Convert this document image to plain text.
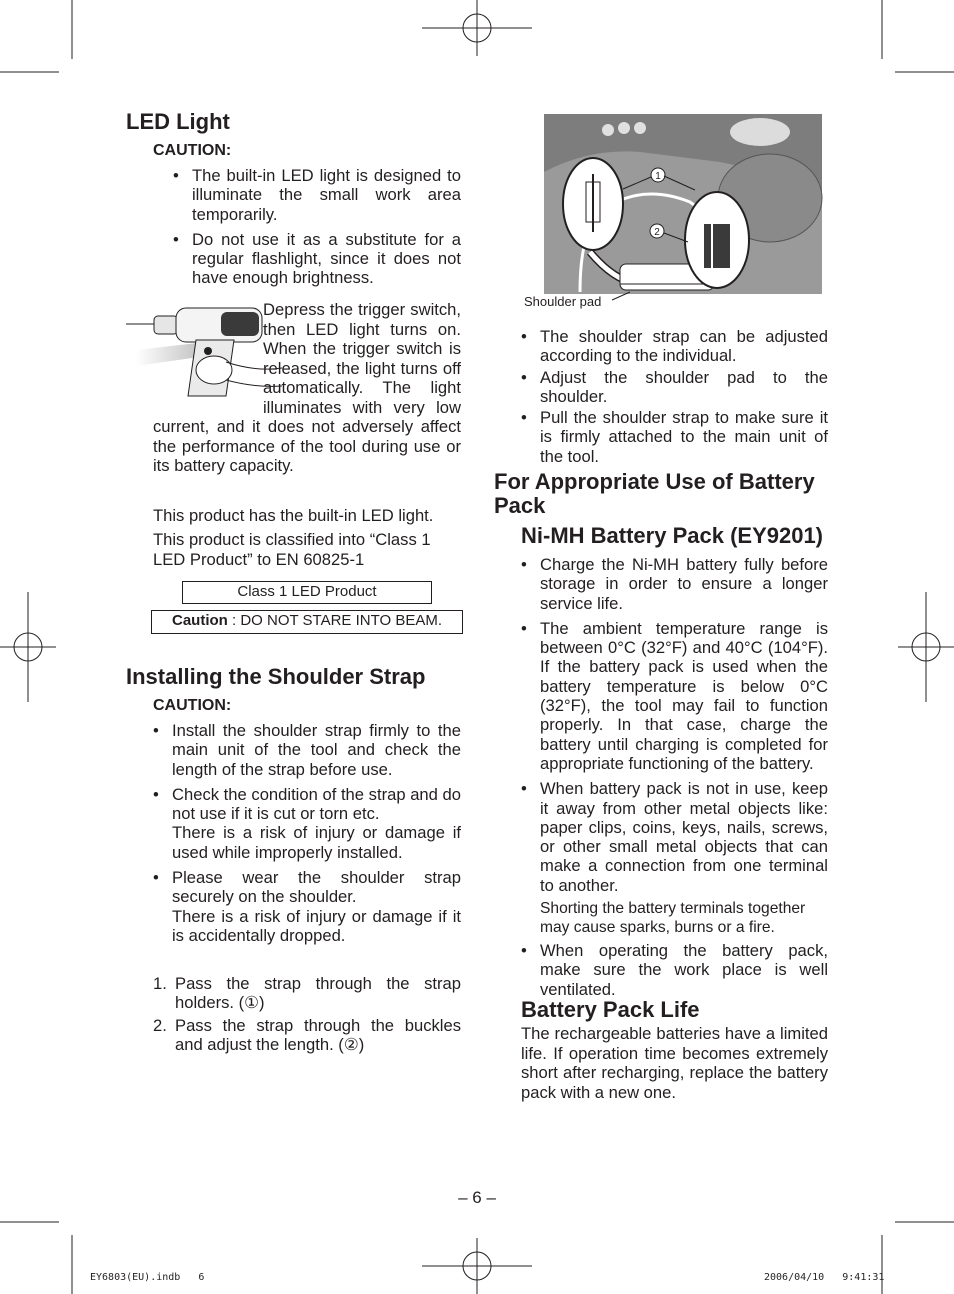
LED Light
CAUTION:
• The built-in LED light is designed to illuminate the small work area temporarily.
• Do not use it as a substitute for a regular flashlight, since it does not have enough brightness.
Depress the trigger switch, then LED light turns on. When the trigger switch is released, the light turns off automatically. The light illuminates with very low current, and it does not adversely affect the performance of the tool during use or its battery capacity.
This product has the built-in LED light.
This product is classified into “Class 1 LED Product” to EN 60825-1
Class 1 LED Product
Caution : DO NOT STARE INTO BEAM.
Installing the Shoulder Strap
CAUTION:
• Install the shoulder strap firmly to the main unit of the tool and check the length of the strap before use.
• Check the condition of the strap and do not use if it is cut or torn etc.
There is a risk of injury or damage if used while improperly installed.
• Please wear the shoulder strap securely on the shoulder.
There is a risk of injury or damage if it is accidentally dropped.
1. Pass the strap through the strap holders. (①)
2. Pass the strap through the buckles and adjust the length. (②)
1
2
Shoulder pad
• The shoulder strap can be adjusted according to the individual.
• Adjust the shoulder pad to the shoulder.
• Pull the shoulder strap to make sure it is firmly attached to the main unit of the tool.
For Appropriate Use of Battery Pack
Ni-MH Battery Pack (EY9201)
• Charge the Ni-MH battery fully before storage in order to ensure a longer service life.
• The ambient temperature range is between 0°C (32°F) and 40°C (104°F). If the battery pack is used when the battery temperature is below 0°C (32°F), the tool may fail to function properly. In that case, charge the battery until charging is completed for appropriate functioning of the battery.
• When battery pack is not in use, keep it away from other metal objects like: paper clips, coins, keys, nails, screws, or other small metal objects that can make a connection from one terminal to another.
Shorting the battery terminals together may cause sparks, burns or a fire.
• When operating the battery pack, make sure the work place is well ventilated.
Battery Pack Life
The rechargeable batteries have a limited life. If operation time becomes extremely short after recharging, replace the battery pack with a new one.
– 6 –
EY6803(EU).indb   6	2006/04/10   9:41:31
